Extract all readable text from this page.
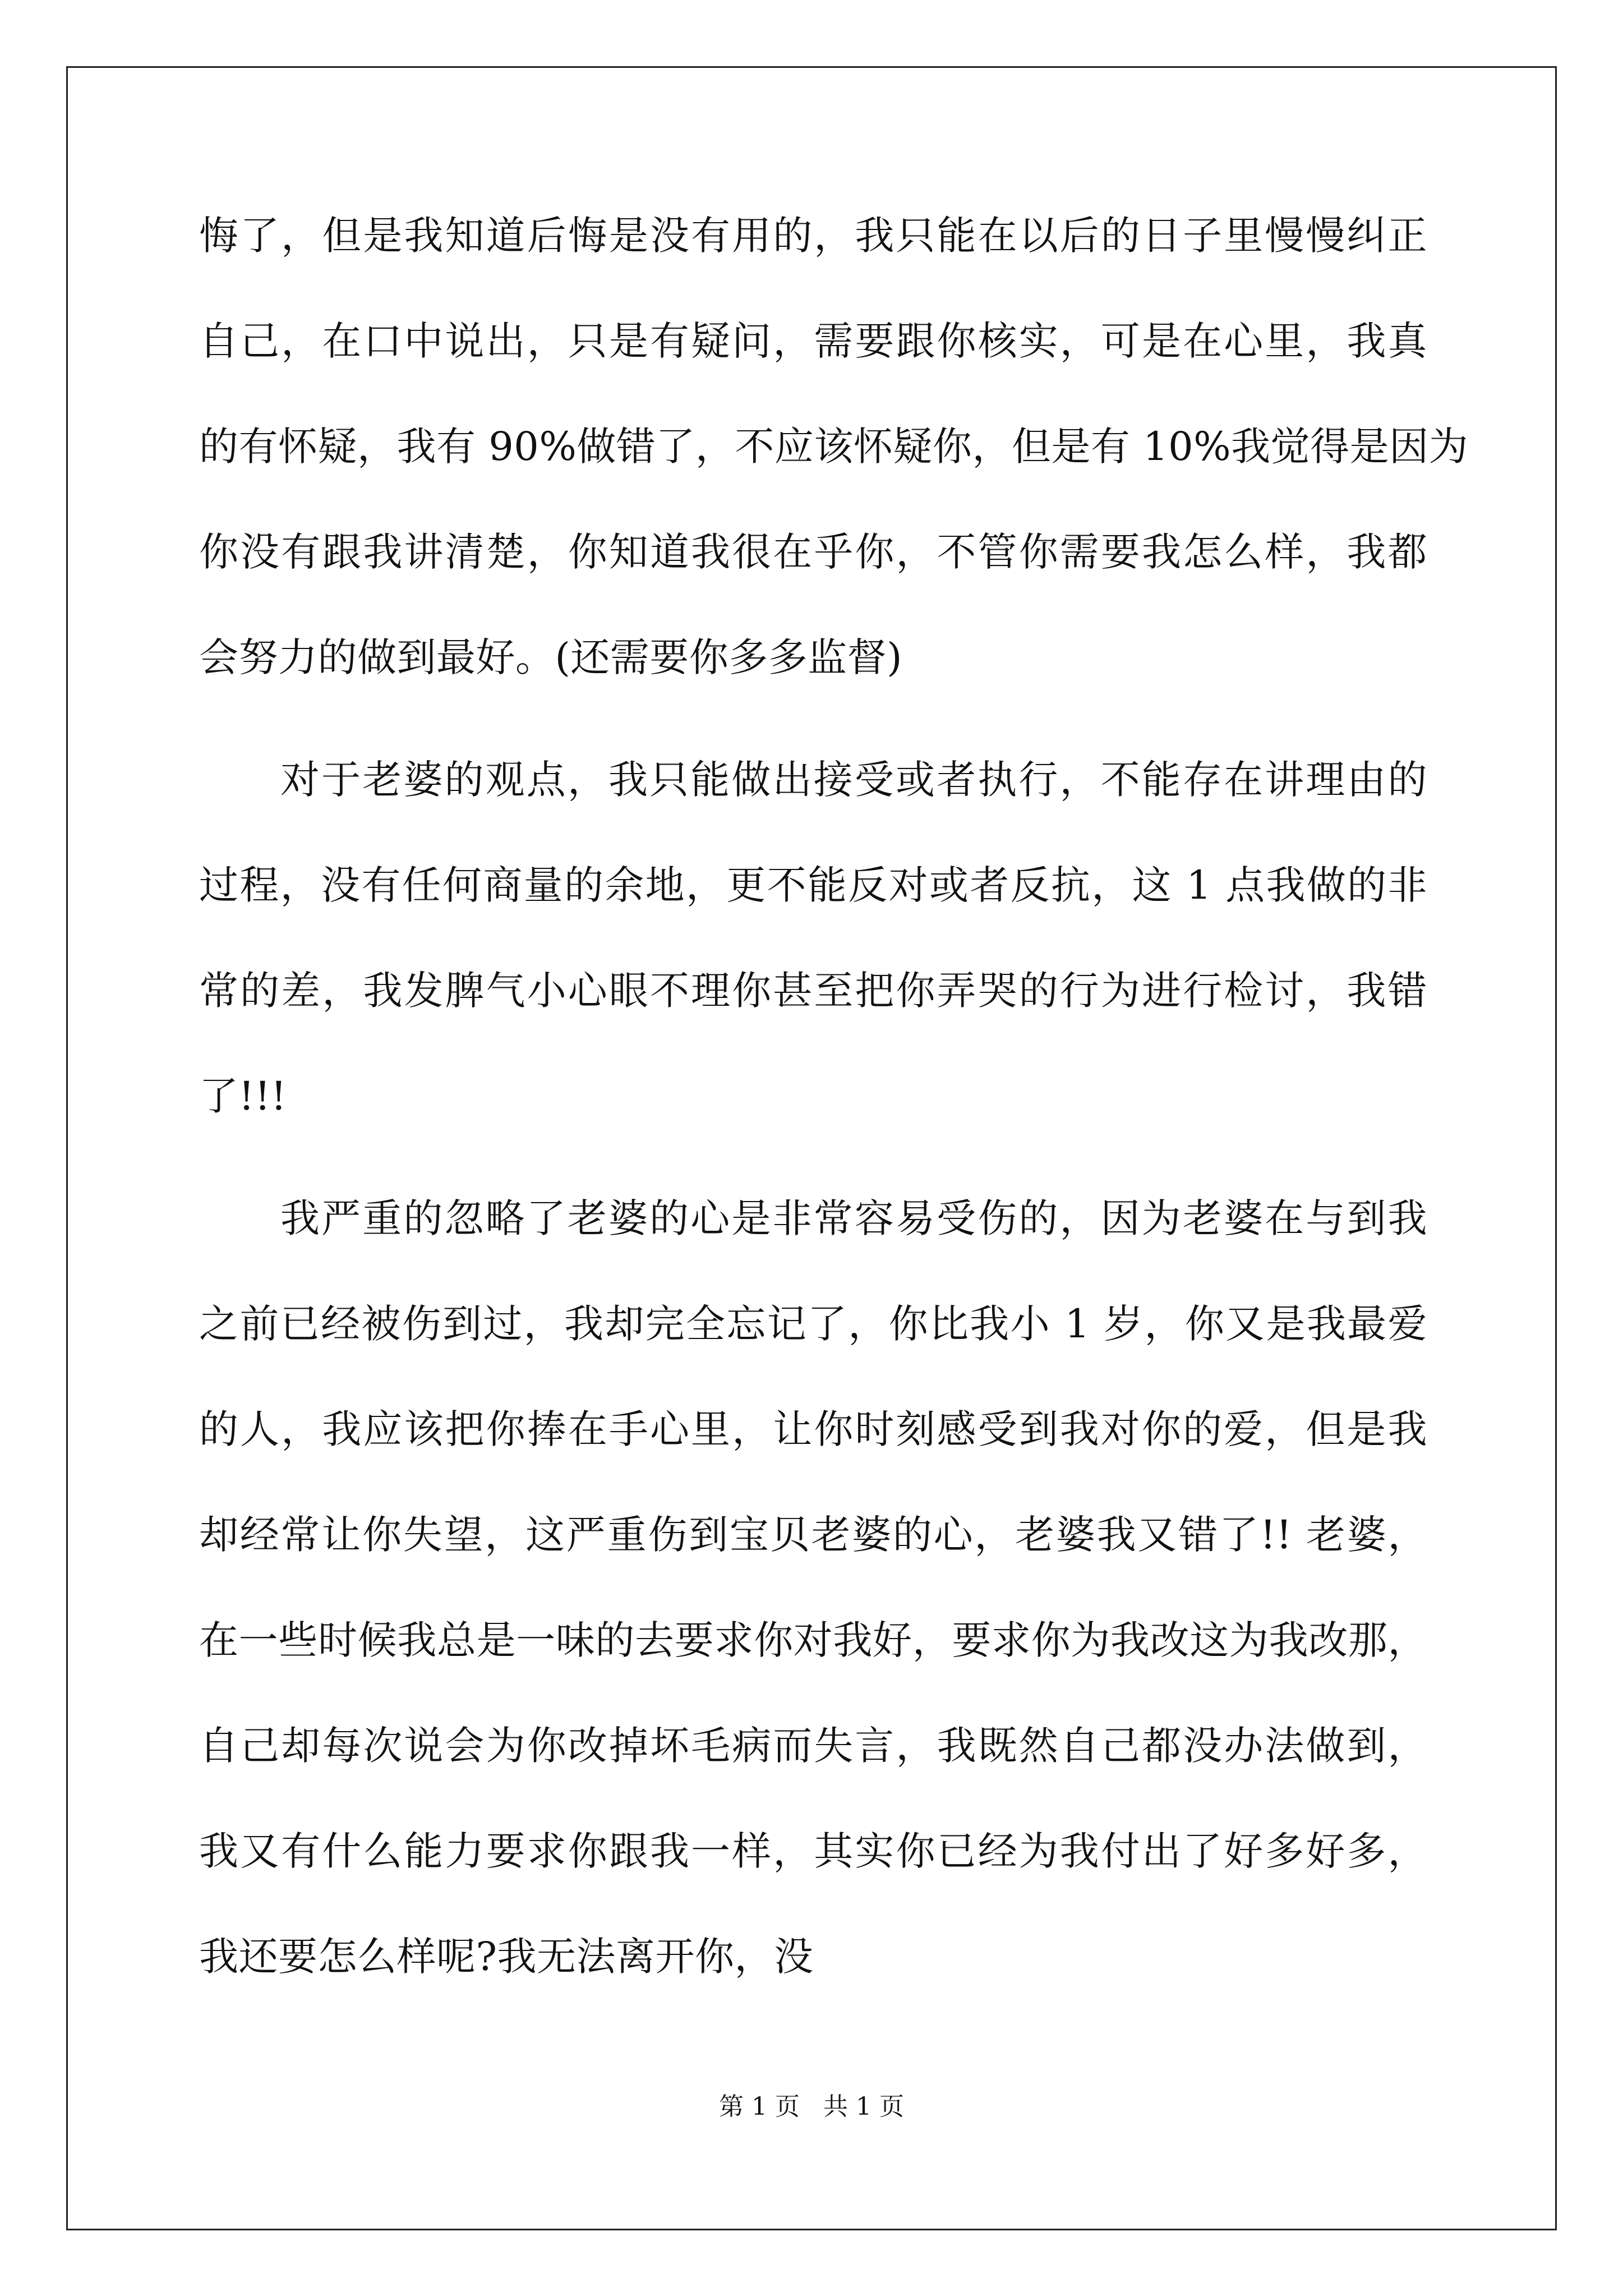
悔了，但是我知道后悔是没有用的，我只能在以后的日子里慢慢纠正
自己，在口中说出，只是有疑问，需要跟你核实，可是在心里，我真
的有怀疑，我有 90%做错了，不应该怀疑你，但是有 10%我觉得是因为
你没有跟我讲清楚，你知道我很在乎你，不管你需要我怎么样，我都
会努力的做到最好。(还需要你多多监督)
对于老婆的观点，我只能做出接受或者执行，不能存在讲理由的
过程，没有任何商量的余地，更不能反对或者反抗，这 1 点我做的非
常的差，我发脾气小心眼不理你甚至把你弄哭的行为进行检讨，我错
了!!!
我严重的忽略了老婆的心是非常容易受伤的，因为老婆在与到我
之前已经被伤到过，我却完全忘记了，你比我小 1 岁，你又是我最爱
的人，我应该把你捧在手心里，让你时刻感受到我对你的爱，但是我
却经常让你失望，这严重伤到宝贝老婆的心，老婆我又错了!! 老婆，
在一些时候我总是一味的去要求你对我好，要求你为我改这为我改那，
自己却每次说会为你改掉坏毛病而失言，我既然自己都没办法做到，
我又有什么能力要求你跟我一样，其实你已经为我付出了好多好多，
我还要怎么样呢?我无法离开你，没
第 1 页 共 1 页
